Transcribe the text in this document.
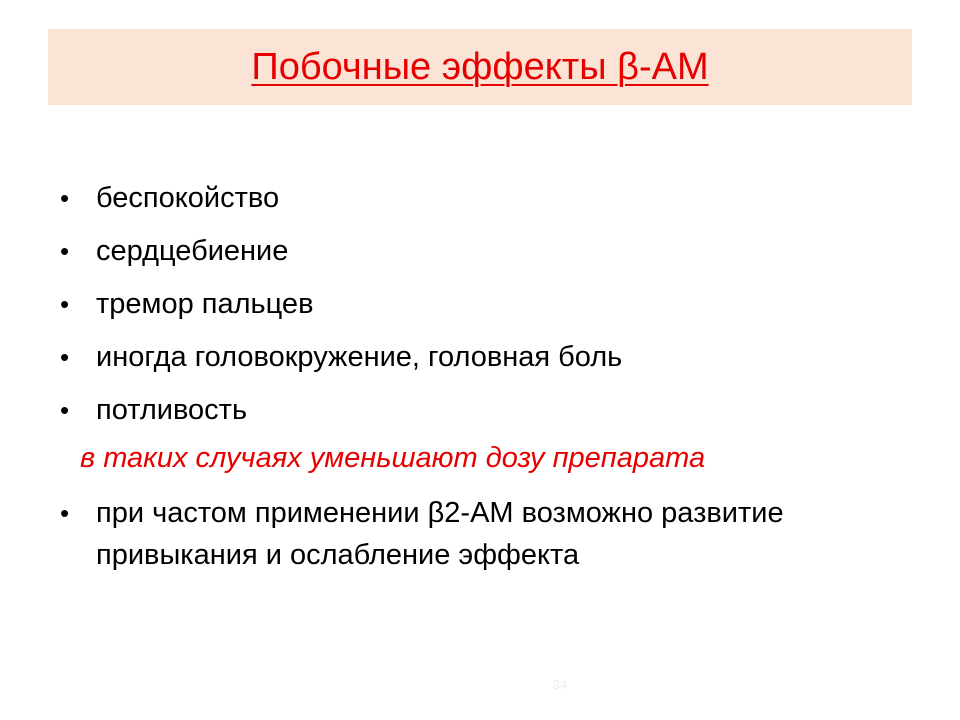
Побочные эффекты β-АМ
• беспокойство
• сердцебиение
• тремор пальцев
• иногда головокружение, головная боль
• потливость
в таких случаях уменьшают дозу препарата
• при частом применении β2-АМ возможно развитие привыкания и ослабление эффекта
34
